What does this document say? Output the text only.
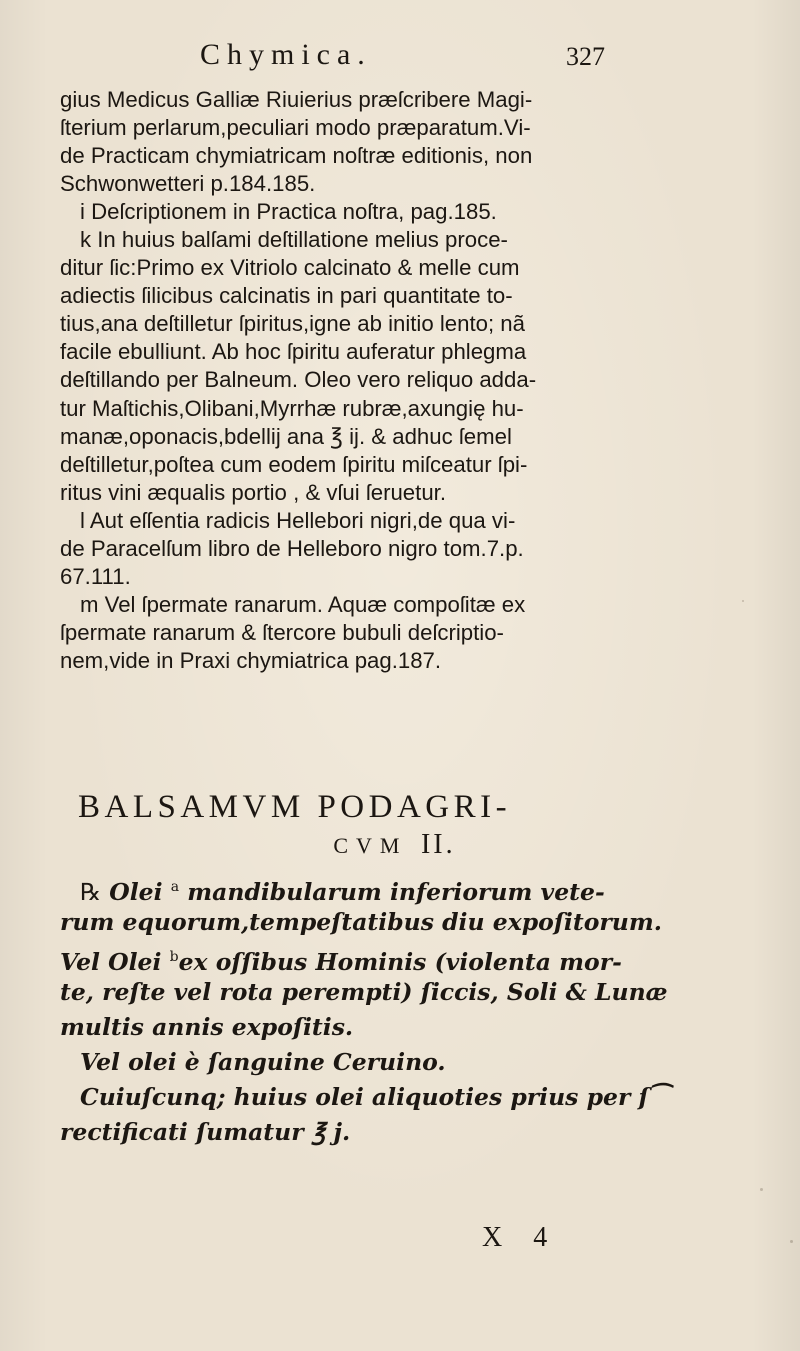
Chymica.	327
gius Medicus Galliæ Riuierius præſcribere Magi-
ſterium perlarum,peculiari modo præparatum.Vi-
de Practicam chymiatricam noſtræ editionis, non
Schwonwetteri p.184.185.
i Deſcriptionem in Practica noſtra, pag.185.
k In huius balſami deſtillatione melius proce-
ditur ſic:Primo ex Vitriolo calcinato & melle cum
adiectis ſilicibus calcinatis in pari quantitate to-
tius,ana deſtilletur ſpiritus,igne ab initio lento; nã
facile ebulliunt. Ab hoc ſpiritu auferatur phlegma
deſtillando per Balneum. Oleo vero reliquo adda-
tur Maſtichis,Olibani,Myrrhæ rubræ,axungię hu-
manæ,oponacis,bdellij ana ℥ ij. & adhuc ſemel
deſtilletur,poſtea cum eodem ſpiritu miſceatur ſpi-
ritus vini æqualis portio , & vſui ſeruetur.
l Aut eſſentia radicis Hellebori nigri,de qua vi-
de Paracelſum libro de Helleboro nigro tom.7.p.
67.111.
m Vel ſpermate ranarum. Aquæ compoſitæ ex
ſpermate ranarum & ſtercore bubuli deſcriptio-
nem,vide in Praxi chymiatrica pag.187.
BALSAMVM PODAGRI-
CVM II.
℞ Olei $^a$ mandibularum inferiorum vete-
rum equorum,tempeſtatibus diu expoſitorum.
Vel Olei $^b$ex oſſibus Hominis (violenta mor-
te, reſte vel rota perempti) ſiccis, Soli & Lunæ
multis annis expoſitis.
Vel olei è ſanguine Ceruino.
Cuiuſcunq; huius olei aliquoties prius per ſ⁀
rectificati ſumatur ℥ j.
X 4
